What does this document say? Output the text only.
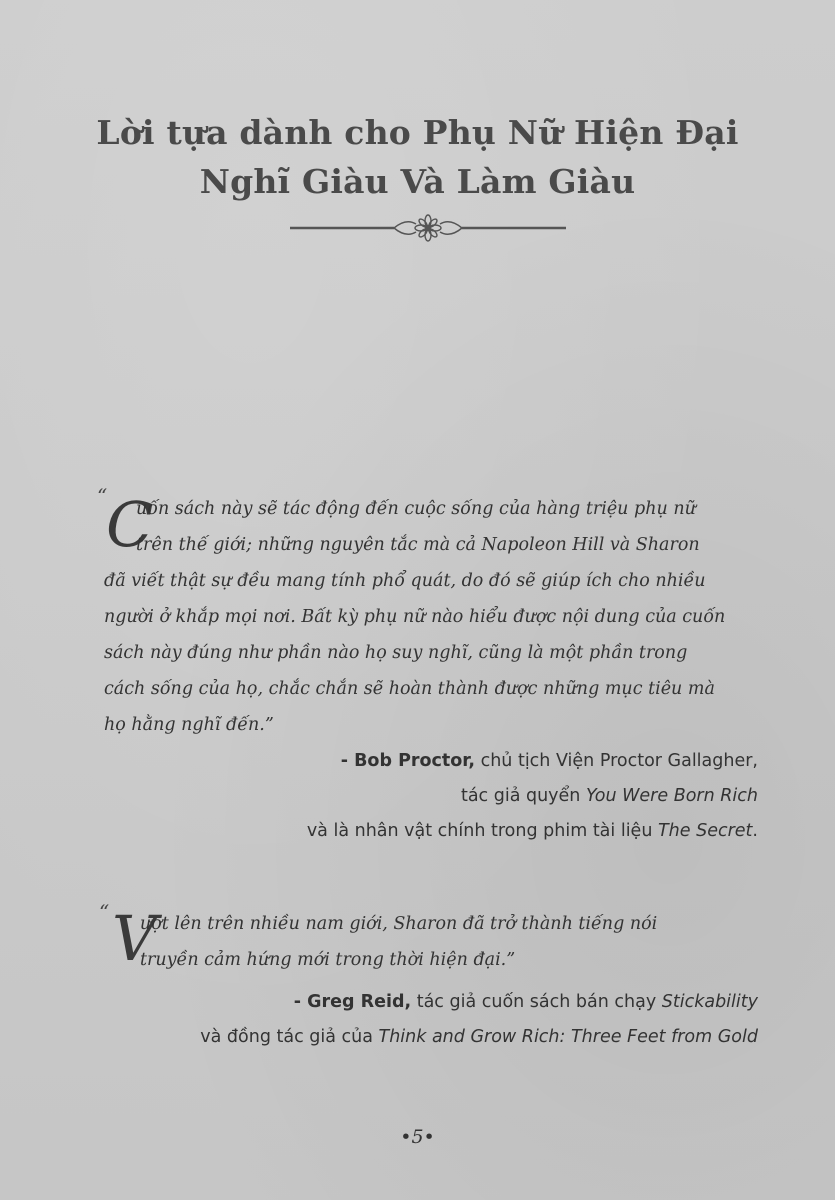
Lời tựa dành cho Phụ Nữ Hiện Đại
Nghĩ Giàu Và Làm Giàu
“
C
uốn sách này sẽ tác động đến cuộc sống của hàng triệu phụ nữ
trên thế giới; những nguyên tắc mà cả Napoleon Hill và Sharon
đã viết thật sự đều mang tính phổ quát, do đó sẽ giúp ích cho nhiều
người ở khắp mọi nơi. Bất kỳ phụ nữ nào hiểu được nội dung của cuốn
sách này đúng như phần nào họ suy nghĩ, cũng là một phần trong
cách sống của họ, chắc chắn sẽ hoàn thành được những mục tiêu mà
họ hằng nghĩ đến.”
- Bob Proctor, chủ tịch Viện Proctor Gallagher,
tác giả quyển You Were Born Rich
và là nhân vật chính trong phim tài liệu The Secret.
“ V
ượt lên trên nhiều nam giới, Sharon đã trở thành tiếng nói
truyền cảm hứng mới trong thời hiện đại.”
- Greg Reid, tác giả cuốn sách bán chạy Stickability
và đồng tác giả của Think and Grow Rich: Three Feet from Gold
•5•
